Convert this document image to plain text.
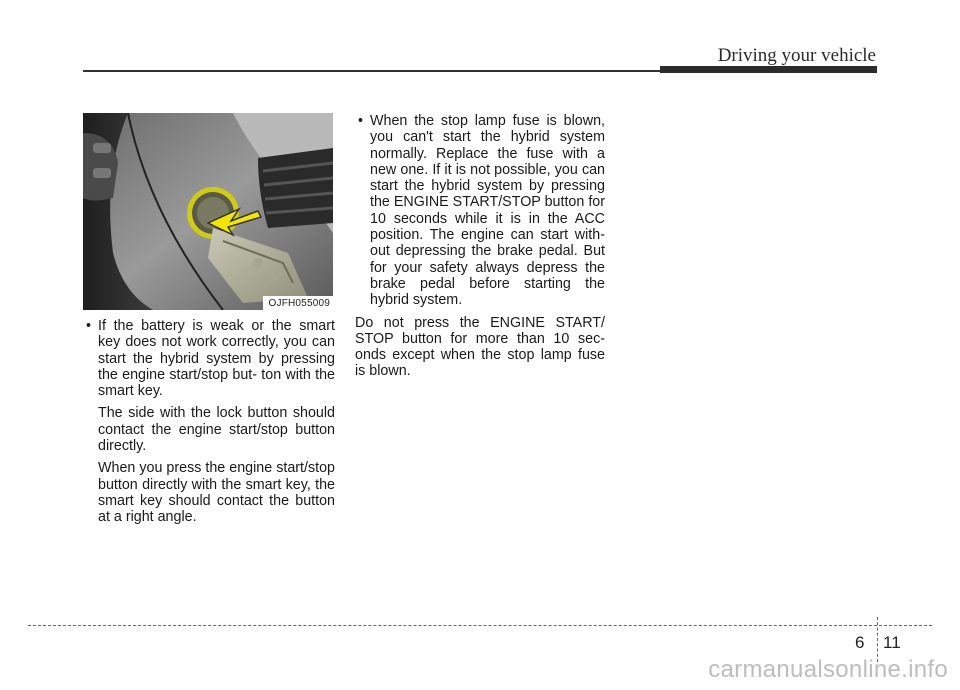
Driving your vehicle
OJFH055009
• If the battery is weak or the smart key does not work correctly, you can start the hybrid system by pressing the engine start/stop but- ton with the smart key.
The side with the lock button should contact the engine start/stop button directly.
When you press the engine start/stop button directly with the smart key, the smart key should contact the button at a right angle.
• When the stop lamp fuse is blown, you can't start the hybrid system normally. Replace the fuse with a new one. If it is not possible, you can start the hybrid system by pressing the ENGINE START/STOP button for 10 seconds while it is in the ACC position. The engine can start with- out depressing the brake pedal. But for your safety always depress the brake pedal before starting the hybrid system.
Do not press the ENGINE START/ STOP button for more than 10 sec- onds except when the stop lamp fuse is blown.
6 11
carmanualsonline.info
